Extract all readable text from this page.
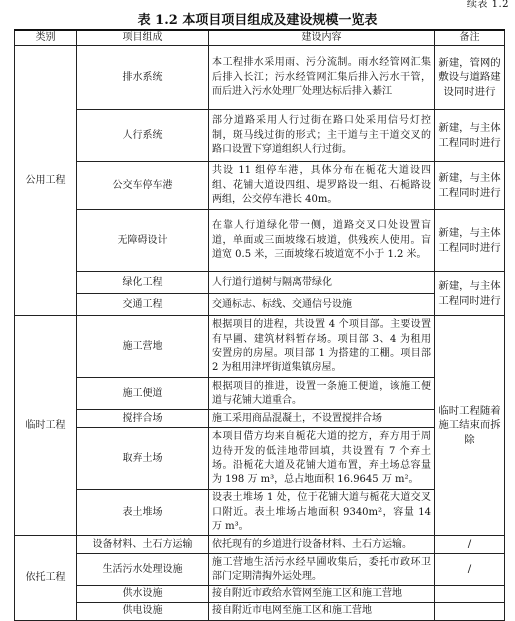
续表 1.2
表 1.2 本项目项目组成及建设规模一览表
类别	项目组成	建设内容	备注
公用工程	排水系统	本工程排水采用雨、污分流制。雨水经管网汇集后排入长江；污水经管网汇集后排入污水干管，而后进入污水处理厂处理达标后排入綦江	新建，管网的敷设与道路建设同时进行
	人行系统	部分道路采用人行过街在路口处采用信号灯控制，斑马线过街的形式；主干道与主干道交叉的路口设置下穿道组织人行过街。	新建，与主体工程同时进行
	公交车停车港	共设 11 组停车港，具体分布在栀花大道设四组、花铺大道设四组、堤罗路设一组、石栀路设两组，公交停车港长 40m。	新建，与主体工程同时进行
	无障碍设计	在靠人行道绿化带一侧，道路交叉口处设置盲道，单面或三面坡缘石坡道，供残疾人使用。盲道宽 0.5 米，三面坡缘石坡道宽不小于 1.2 米。	新建，与主体工程同时进行
	绿化工程	人行道行道树与隔离带绿化	新建，与主体工程同时进行
	交通工程	交通标志、标线、交通信号设施	
临时工程	施工营地	根据项目的进程，共设置 4 个项目部。主要设置有早圃、建筑材料暂存场。项目部 3、4 为租用安置房的房屋。项目部 1 为搭建的工棚。项目部 2 为租用津坪街道集镇房屋。	临时工程随着施工结束而拆除
	施工便道	根据项目的推进，设置一条施工便道，该施工便道与花铺大道重合。	
	搅拌合场	施工采用商品混凝土，不设置搅拌合场	
	取弃土场	本项目借方均来自栀花大道的挖方，弃方用于周边待开发的低洼地带回填，共设置有 7 个弃土场。沿栀花大道及花铺大道布置，弃土场总容量为 198 万 m³，总占地面积 16.9645 万 m²。	
	表土堆场	设表土堆场 1 处，位于花铺大道与栀花大道交叉口附近。表土堆场占地面积 9340m²，容量 14 万 m³。	
依托工程	设备材料、土石方运输	依托现有的乡道进行设备材料、土石方运输。	/
	生活污水处理设施	施工营地生活污水经早圃收集后，委托市政环卫部门定期清掏外运处理。	/
	供水设施	接自附近市政给水管网至施工区和施工营地	
	供电设施	接自附近市电网至施工区和施工营地	
